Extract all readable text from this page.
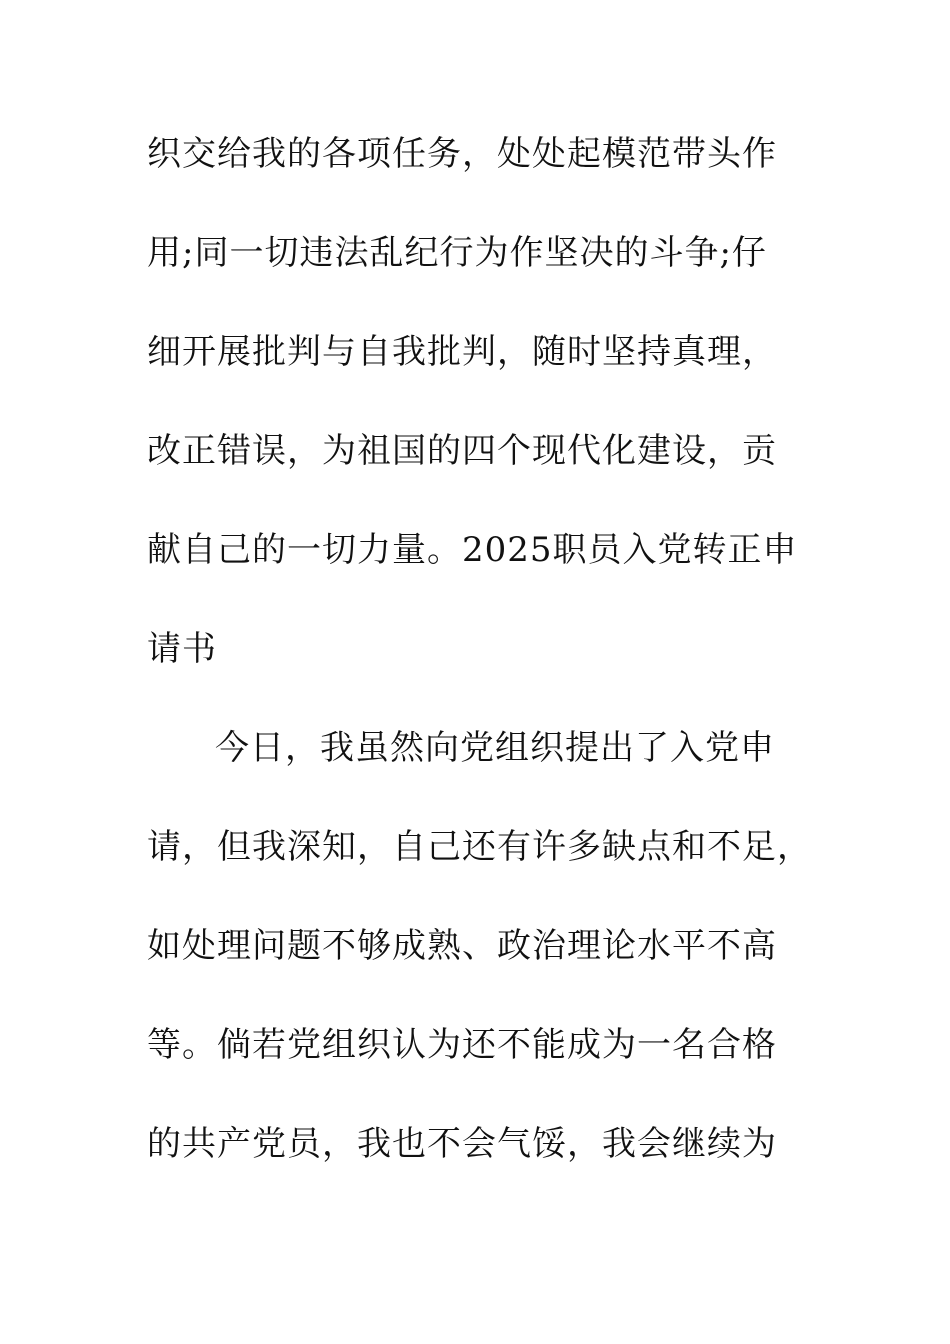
织交给我的各项任务，处处起模范带头作
用;同一切违法乱纪行为作坚决的斗争;仔
细开展批判与自我批判，随时坚持真理，
改正错误，为祖国的四个现代化建设，贡
献自己的一切力量。2025职员入党转正申
请书
今日，我虽然向党组织提出了入党申
请，但我深知，自己还有许多缺点和不足，
如处理问题不够成熟、政治理论水平不高
等。倘若党组织认为还不能成为一名合格
的共产党员，我也不会气馁，我会继续为
